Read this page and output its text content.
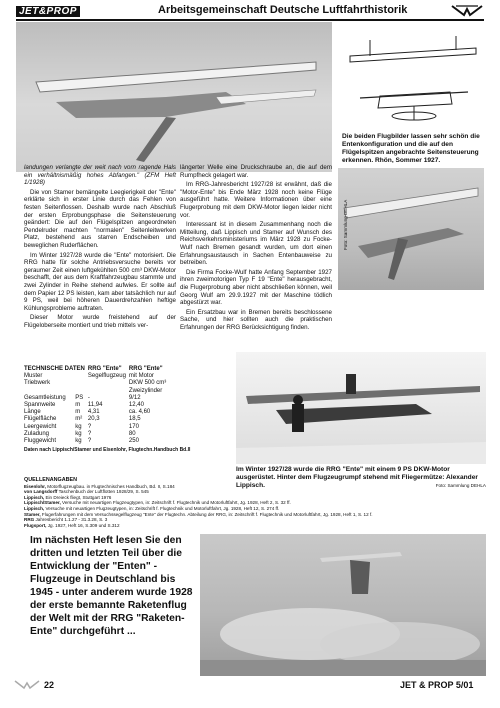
JET&PROP	Arbeitsgemeinschaft Deutsche Luftfahrthistorik
Die beiden Flugbilder lassen sehr schön die Entenkonfiguration und die auf den Flügelspitzen angebrachte Seitensteuerung erkennen. Rhön, Sommer 1927.
Foto: Sammlung DEHLA

landungen verlangte der weit nach vorn ragende Hals ein verhältnismäßig hohes Abfangen." (ZFM Heft 1/1928)

Die von Stamer bemängelte Leegierigkeit der "Ente" erklärte sich in erster Linie durch das Fehlen von festen Seitenflossen. Deshalb wurde nach Abschluß der ersten Erprobungsphase die Seitensteuerung geändert: Die auf den Flügelspitzen angeordneten Pendelruder machten "normalen" Seitenleitwerken Platz, bestehend aus starren Endscheiben und beweglichen Ruderflächen.

Im Winter 1927/28 wurde die "Ente" motorisiert. Die RRG hatte für solche Antriebsversuche bereits vor geraumer Zeit einen luftgekühlten 500 cm³ DKW-Motor beschafft, der aus dem Kraftfahrzeugbau stammte und zwei Zylinder in Reihe stehend aufwies. Er sollte auf dem Papier 12 PS leisten, kam aber tatsächlich nur auf 9 PS, weil bei höheren Dauerdrehzahlen heftige Kühlungsprobleme auftraten.

Dieser Motor wurde freistehend auf der Flügeloberseite montiert und trieb mittels ver-

längerter Welle eine Druckschraube an, die auf dem Rumpfheck gelagert war.

Im RRG-Jahresbericht 1927/28 ist erwähnt, daß die "Motor-Ente" bis Ende März 1928 noch keine Flüge ausgeführt hatte. Weitere Informationen über eine Flugerprobung mit dem DKW-Motor liegen leider nicht vor.

Interessant ist in diesem Zusammenhang noch die Mitteilung, daß Lippisch und Stamer auf Wunsch des Reichsverkehrsministeriums im März 1928 zu Focke-Wulf nach Bremen gesandt wurden, um dort einen Erfahrungsaustausch in Sachen Entenbauweise zu betreiben.

Die Firma Focke-Wulf hatte Anfang September 1927 ihren zweimotorigen Typ F 19 "Ente" herausgebracht, die Flugerprobung aber nicht abschließen können, weil Georg Wulf am 29.9.1927 mit der Maschine tödlich abgestürzt war.

Ein Ersatzbau war in Bremen bereits beschlossene Sache, und hier sollten auch die praktischen Erfahrungen der RRG Berücksichtigung finden.

TECHNISCHE DATEN		RRG "Ente"	RRG "Ente"
Muster		Segelflugzeug	mit Motor
Triebwerk			DKW 500 cm³
			Zweizylinder
Gesamtleistung	PS	-	9/12
Spannweite	m	11,94	12,40
Länge	m	4,31	ca. 4,60
Flügelfläche	m²	20,3	18,5
Leergewicht	kg	?	170
Zuladung	kg	?	80
Fluggewicht	kg	?	250
Daten nach Lippisch/Stamer und Eisenlohr, Flugtechn.Handbuch Bd.II
Im Winter 1927/28 wurde die RRG "Ente" mit einem 9 PS DKW-Motor ausgerüstet. Hinter dem Flugzeugrumpf stehend mit Fliegermütze: Alexander Lippisch.	Foto: Sammlung DEHLA
QUELLENANGABEN
Eisenlohr, Motorflugzeugbau. in Flugtechnisches Handbuch, Bd. II, S.184
von Langsdorff Taschenbuch der Luftflotten 1928/29, S. 545
Lippisch, Ein Dreieck fliegt, Stuttgart 1976
Lippisch/Stamer, Versuche mit neuartigen Flugzeugtypen, in: Zeitschrift f. Flugtechnik und Motorluftfahrt, Jg. 1928, Heft 2, S. 32 ff.
Lippisch, Versuche mit neuartigen Flugzeugtypen, in: Zeitschrift f. Flugtechnik und Motorluftfahrt, Jg. 1928, Heft 12, S. 274 ff.
Stamer, Flugerfahrungen mit dem Versuchssegelflugzeug "Ente" der Flugtechn. Abteilung der RRG, in: Zeitschrift f. Flugtechnik und Motorluftfahrt, Jg. 1928, Heft 1, S. 12 f.
RRG Jahresbericht 1.1.27 - 31.3.28, S. 3
Flugsport, Jg. 1927, Heft 16, S.309 und S.312
Im nächsten Heft lesen Sie den dritten und letzten Teil über die Entwicklung der "Enten" - Flugzeuge in Deutschland bis 1945 - unter anderem wurde 1928 der erste bemannte Raketenflug der Welt mit der RRG "Raketen-Ente" durchgeführt ...
22	JET & PROP 5/01
